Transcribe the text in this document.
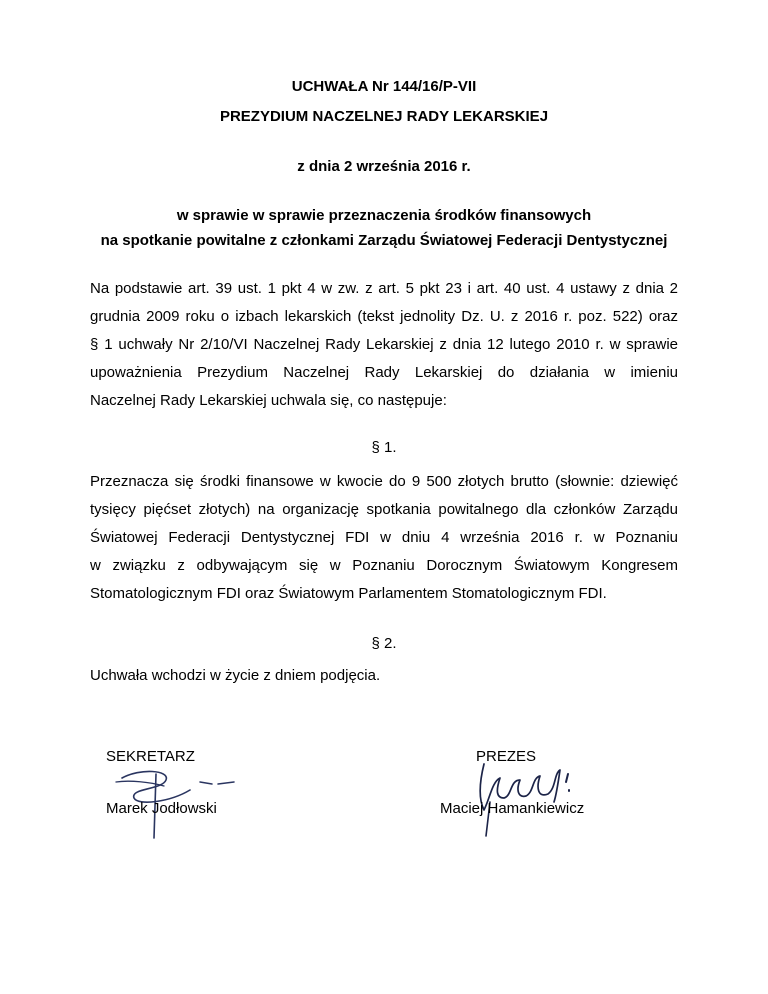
UCHWAŁA Nr 144/16/P-VII
PREZYDIUM NACZELNEJ RADY LEKARSKIEJ
z dnia 2 września 2016 r.
w sprawie w sprawie przeznaczenia środków finansowych
na spotkanie powitalne z członkami Zarządu Światowej Federacji Dentystycznej
Na podstawie art. 39 ust. 1 pkt 4 w zw. z art. 5 pkt 23 i art. 40 ust. 4 ustawy z dnia 2
grudnia 2009 roku o izbach lekarskich (tekst jednolity Dz. U. z 2016 r. poz. 522) oraz
§ 1 uchwały Nr 2/10/VI Naczelnej Rady Lekarskiej z dnia 12 lutego 2010 r. w sprawie
upoważnienia Prezydium Naczelnej Rady Lekarskiej do działania w imieniu
Naczelnej Rady Lekarskiej uchwala się, co następuje:
§ 1.
Przeznacza się środki finansowe w kwocie do 9 500 złotych brutto (słownie: dziewięć
tysięcy pięćset złotych) na organizację spotkania powitalnego dla członków Zarządu
Światowej Federacji Dentystycznej FDI w dniu 4 września 2016 r. w Poznaniu
w związku z odbywającym się w Poznaniu Dorocznym Światowym Kongresem
Stomatologicznym FDI oraz Światowym Parlamentem Stomatologicznym FDI.
§ 2.
Uchwała wchodzi w życie z dniem podjęcia.
SEKRETARZ
Marek Jodłowski
PREZES
Maciej Hamankiewicz
